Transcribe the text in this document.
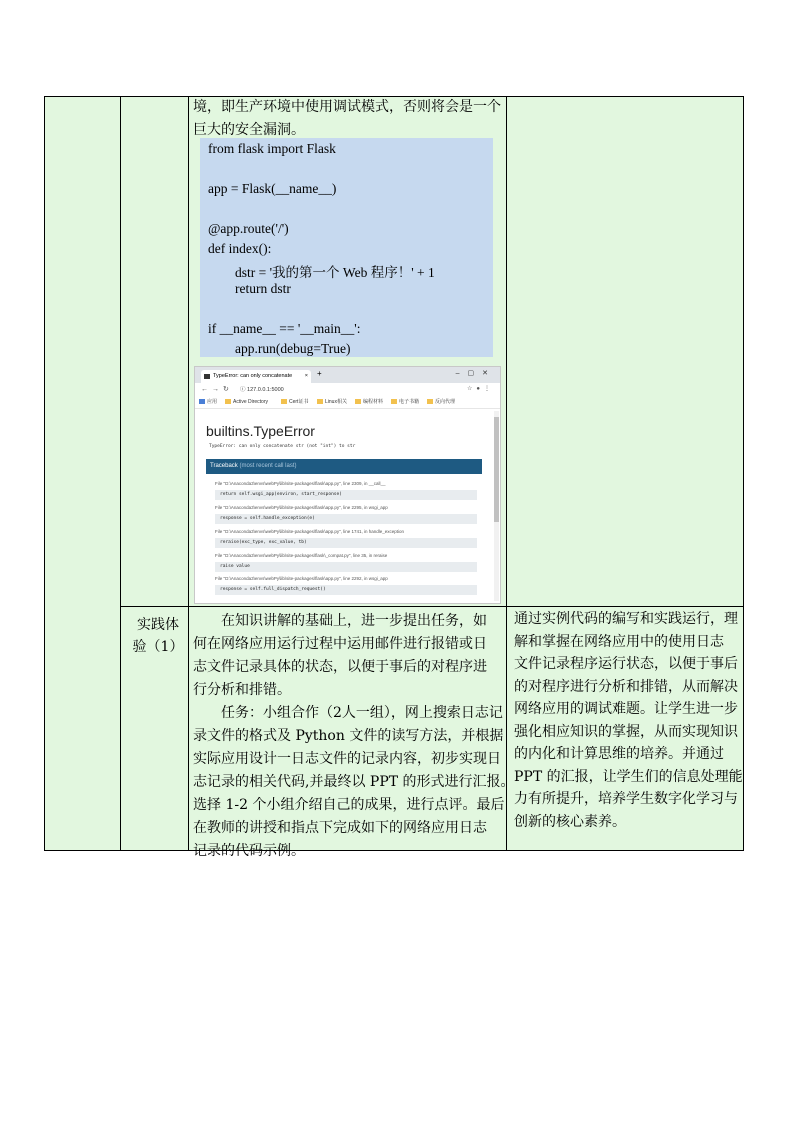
境，即生产环境中使用调试模式，否则将会是一个
巨大的安全漏洞。
from flask import Flask
app = Flask(__name__)
@app.route('/')
def index():
dstr = '我的第一个 Web 程序！' + 1
return dstr
if __name__ == '__main__':
app.run(debug=True)
TypeError: can only concatenate × +	–▢✕
←→↻ ⓘ 127.0.0.1:5000	☆●⋮
应用	Active Directory	Cert证书	Linux相关	编程材料	电子书籍	反向代理
builtins.TypeError
TypeError: can only concatenate str (not "int") to str
Traceback (most recent call last)
File "D:\Anaconda3\envs\webPy\lib\site-packages\flask\app.py", line 2309, in __call__
return self.wsgi_app(environ, start_response)
File "D:\Anaconda3\envs\webPy\lib\site-packages\flask\app.py", line 2295, in wsgi_app
response = self.handle_exception(e)
File "D:\Anaconda3\envs\webPy\lib\site-packages\flask\app.py", line 1741, in handle_exception
reraise(exc_type, exc_value, tb)
File "D:\Anaconda3\envs\webPy\lib\site-packages\flask\_compat.py", line 35, in reraise
raise value
File "D:\Anaconda3\envs\webPy\lib\site-packages\flask\app.py", line 2292, in wsgi_app
response = self.full_dispatch_request()
实践体
验（1）
在知识讲解的基础上，进一步提出任务，如
何在网络应用运行过程中运用邮件进行报错或日
志文件记录具体的状态，以便于事后的对程序进
行分析和排错。
任务：小组合作（2人一组），网上搜索日志记
录文件的格式及 Python 文件的读写方法，并根据
实际应用设计一日志文件的记录内容，初步实现日
志记录的相关代码,并最终以 PPT 的形式进行汇报。
选择 1-2 个小组介绍自己的成果，进行点评。最后
在教师的讲授和指点下完成如下的网络应用日志
记录的代码示例。
通过实例代码的编写和实践运行，理
解和掌握在网络应用中的使用日志
文件记录程序运行状态，以便于事后
的对程序进行分析和排错，从而解决
网络应用的调试难题。让学生进一步
强化相应知识的掌握，从而实现知识
的内化和计算思维的培养。并通过
PPT 的汇报，让学生们的信息处理能
力有所提升，培养学生数字化学习与
创新的核心素养。
